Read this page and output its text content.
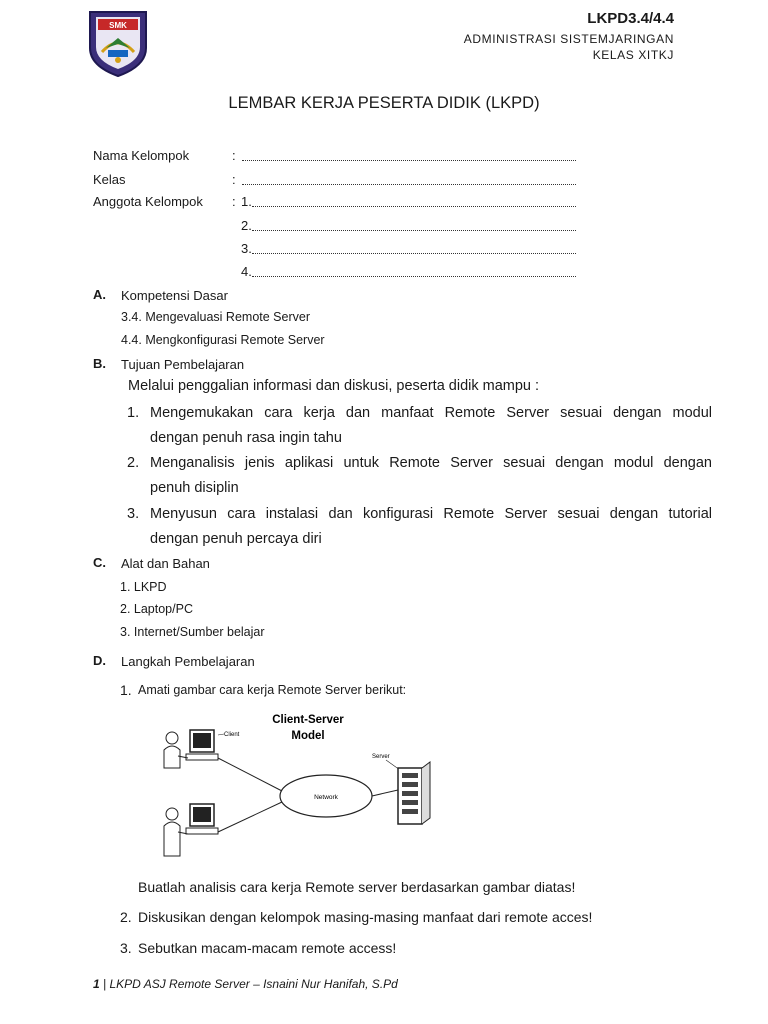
SMK	LKPD3.4/4.4
ADMINISTRASI SISTEMJARINGAN
KELAS XITKJ
LEMBAR KERJA PESERTA DIDIK (LKPD)
Nama Kelompok	:
Kelas	:
Anggota Kelompok : 1.
2.
3.
4.
A. Kompetensi Dasar
3.4. Mengevaluasi Remote Server
4.4. Mengkonfigurasi Remote Server
B. Tujuan Pembelajaran
Melalui penggalian informasi dan diskusi, peserta didik mampu :
1. Mengemukakan cara kerja dan manfaat Remote Server sesuai dengan modul
dengan penuh rasa ingin tahu
2. Menganalisis jenis aplikasi untuk Remote Server sesuai dengan modul dengan
penuh disiplin
3. Menyusun cara instalasi dan konfigurasi Remote Server sesuai dengan tutorial
dengan penuh percaya diri
C. Alat dan Bahan
1. LKPD
2. Laptop/PC
3. Internet/Sumber belajar
D. Langkah Pembelajaran
1. Amati gambar cara kerja Remote Server berikut:
Client-Server
Model
Client
Network
Server
Buatlah analisis cara kerja Remote server berdasarkan gambar diatas!
2. Diskusikan dengan kelompok masing-masing manfaat dari remote acces!
3. Sebutkan macam-macam remote access!
1 | LKPD ASJ Remote Server – Isnaini Nur Hanifah, S.Pd
